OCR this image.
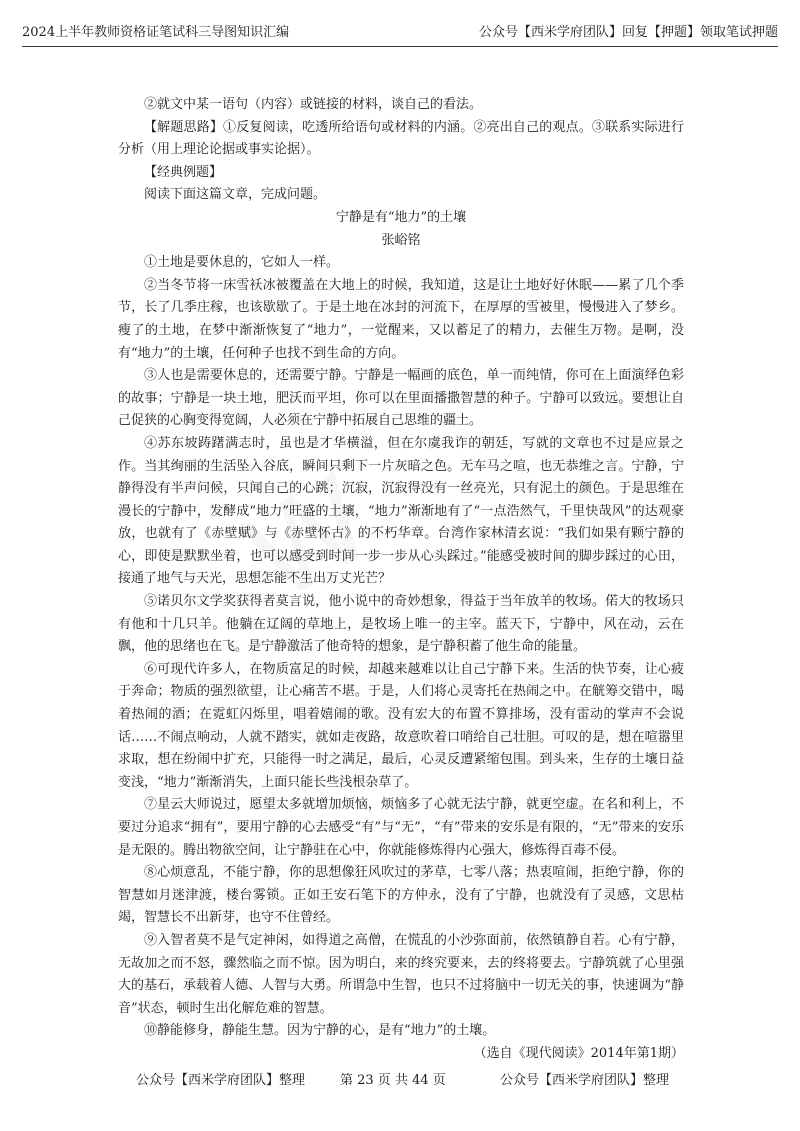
2024上半年教师资格证笔试科三导图知识汇编	公众号【西米学府团队】回复【押题】领取笔试押题

②就文中某一语句（内容）或链接的材料，谈自己的看法。

【解题思路】①反复阅读，吃透所给语句或材料的内涵。②亮出自己的观点。③联系实际进行分析（用上理论论据或事实论据）。

【经典例题】

阅读下面这篇文章，完成问题。

宁静是有“地力”的土壤

张峪铭

①土地是要休息的，它如人一样。

②当冬节将一床雪袄冰被覆盖在大地上的时候，我知道，这是让土地好好休眠——累了几个季节，长了几季庄稼，也该歇歇了。于是土地在冰封的河流下，在厚厚的雪被里，慢慢进入了梦乡。瘦了的土地，在梦中渐渐恢复了“地力”，一觉醒来，又以蓄足了的精力，去催生万物。是啊，没有“地力”的土壤，任何种子也找不到生命的方向。

③人也是需要休息的，还需要宁静。宁静是一幅画的底色，单一而纯情，你可在上面演绎色彩的故事；宁静是一块土地，肥沃而平坦，你可以在里面播撒智慧的种子。宁静可以致远。要想让自己促狭的心胸变得宽阔，人必须在宁静中拓展自己思维的疆土。

④苏东坡踌躇满志时，虽也是才华横溢，但在尔虞我诈的朝廷，写就的文章也不过是应景之作。当其绚丽的生活坠入谷底，瞬间只剩下一片灰暗之色。无车马之喧，也无恭维之言。宁静，宁静得没有半声问候，只闻自己的心跳；沉寂，沉寂得没有一丝亮光，只有泥土的颜色。于是思维在漫长的宁静中，发酵成“地力”旺盛的土壤，“地力”渐渐地有了“一点浩然气，千里快哉风”的达观豪放，也就有了《赤壁赋》与《赤壁怀古》的不朽华章。台湾作家林清玄说：“我们如果有颗宁静的心，即使是默默坐着，也可以感受到时间一步一步从心头踩过。”能感受被时间的脚步踩过的心田，接通了地气与天光，思想怎能不生出万丈光芒？

⑤诺贝尔文学奖获得者莫言说，他小说中的奇妙想象，得益于当年放羊的牧场。偌大的牧场只有他和十几只羊。他躺在辽阔的草地上，是牧场上唯一的主宰。蓝天下，宁静中，风在动，云在飘，他的思绪也在飞。是宁静激活了他奇特的想象，是宁静积蓄了他生命的能量。

⑥可现代许多人，在物质富足的时候，却越来越难以让自己宁静下来。生活的快节奏，让心疲于奔命；物质的强烈欲望，让心痛苦不堪。于是，人们将心灵寄托在热闹之中。在觥筹交错中，喝着热闹的酒；在霓虹闪烁里，唱着嬉闹的歌。没有宏大的布置不算排场，没有雷动的掌声不会说话……不闹点响动，人就不踏实，就如走夜路，故意吹着口哨给自己壮胆。可叹的是，想在喧嚣里求取，想在纷闹中扩充，只能得一时之满足，最后，心灵反遭紧缩包围。到头来，生存的土壤日益变浅，“地力”渐渐消失，上面只能长些浅根杂草了。

⑦星云大师说过，愿望太多就增加烦恼，烦恼多了心就无法宁静，就更空虚。在名和利上，不要过分追求“拥有”，要用宁静的心去感受“有”与“无”，“有”带来的安乐是有限的，“无”带来的安乐是无限的。腾出物欲空间，让宁静驻在心中，你就能修炼得内心强大，修炼得百毒不侵。

⑧心烦意乱，不能宁静，你的思想像狂风吹过的茅草，七零八落；热衷喧闹，拒绝宁静，你的智慧如月迷津渡，楼台雾锁。正如王安石笔下的方仲永，没有了宁静，也就没有了灵感，文思枯竭，智慧长不出新芽，也守不住曾经。

⑨入智者莫不是气定神闲，如得道之高僧，在慌乱的小沙弥面前，依然镇静自若。心有宁静，无故加之而不怒，骤然临之而不惊。因为明白，来的终究要来，去的终将要去。宁静筑就了心里强大的基石，承载着人德、人智与大勇。所谓急中生智，也只不过将脑中一切无关的事，快速调为“静音”状态，顿时生出化解危难的智慧。

⑩静能修身，静能生慧。因为宁静的心，是有“地力”的土壤。

（选自《现代阅读》2014年第1期）

公众号【西米学府团队】整理	第 23 页 共 44 页	公众号【西米学府团队】整理
